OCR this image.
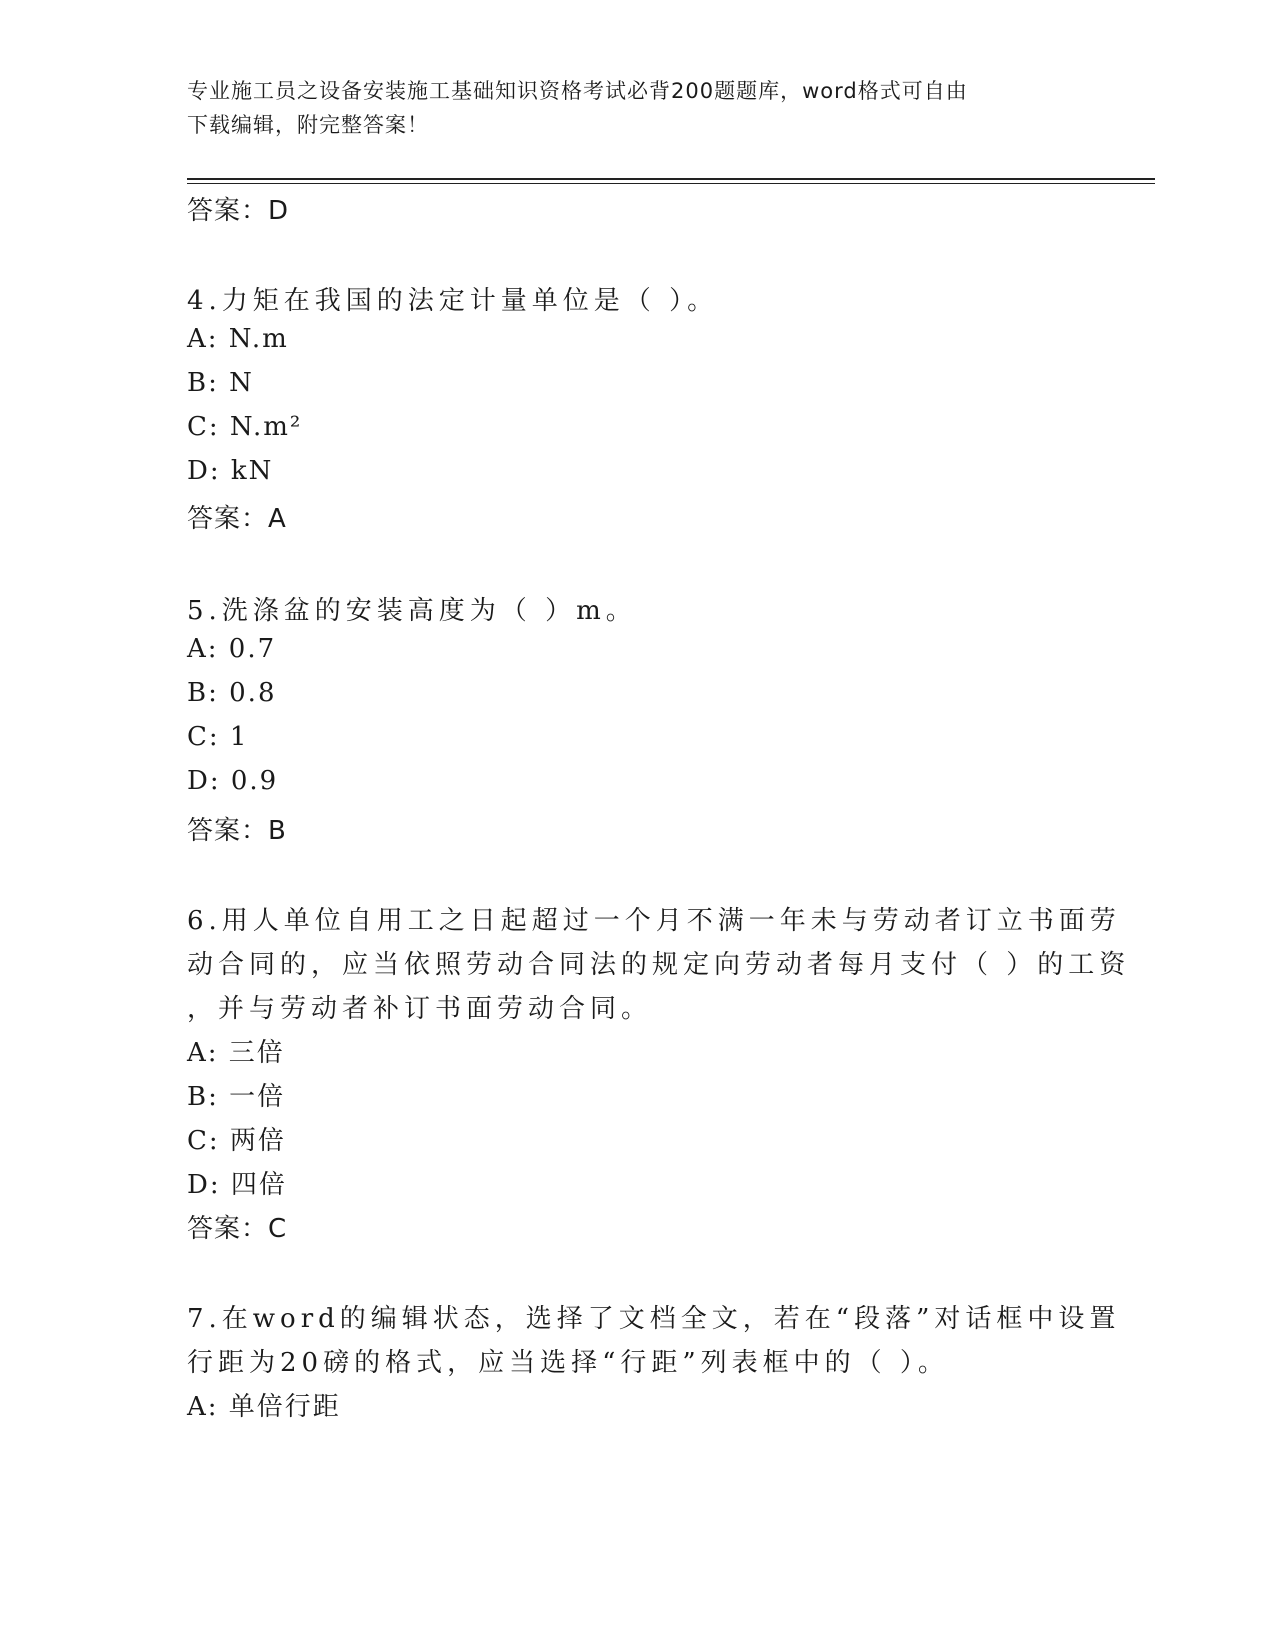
专业施工员之设备安装施工基础知识资格考试必背200题题库，word格式可自由
下载编辑，附完整答案！
答案：D
4.力矩在我国的法定计量单位是（ ）。
A: N.m
B: N
C: N.m²
D: kN
答案：A
5.洗涤盆的安装高度为（ ）m。
A: 0.7
B: 0.8
C: 1
D: 0.9
答案：B
6.用人单位自用工之日起超过一个月不满一年未与劳动者订立书面劳
动合同的，应当依照劳动合同法的规定向劳动者每月支付（ ）的工资
，并与劳动者补订书面劳动合同。
A: 三倍
B: 一倍
C: 两倍
D: 四倍
答案：C
7.在word的编辑状态，选择了文档全文，若在“段落”对话框中设置
行距为20磅的格式，应当选择“行距”列表框中的（ ）。
A: 单倍行距
